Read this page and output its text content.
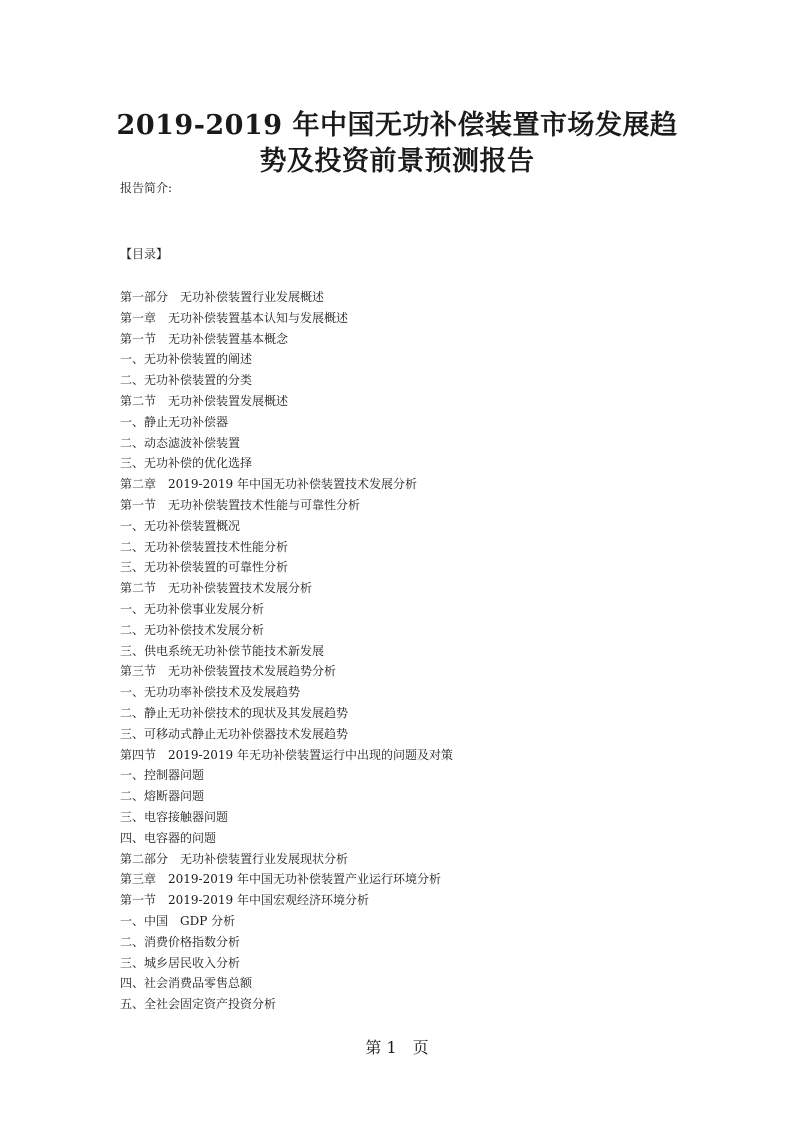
2019-2019 年中国无功补偿装置市场发展趋
势及投资前景预测报告
报告简介:
【目录】
第一部分　无功补偿装置行业发展概述
第一章　无功补偿装置基本认知与发展概述
第一节　无功补偿装置基本概念
一、无功补偿装置的阐述
二、无功补偿装置的分类
第二节　无功补偿装置发展概述
一、静止无功补偿器
二、动态滤波补偿装置
三、无功补偿的优化选择
第二章　2019-2019 年中国无功补偿装置技术发展分析
第一节　无功补偿装置技术性能与可靠性分析
一、无功补偿装置概况
二、无功补偿装置技术性能分析
三、无功补偿装置的可靠性分析
第二节　无功补偿装置技术发展分析
一、无功补偿事业发展分析
二、无功补偿技术发展分析
三、供电系统无功补偿节能技术新发展
第三节　无功补偿装置技术发展趋势分析
一、无功功率补偿技术及发展趋势
二、静止无功补偿技术的现状及其发展趋势
三、可移动式静止无功补偿器技术发展趋势
第四节　2019-2019 年无功补偿装置运行中出现的问题及对策
一、控制器问题
二、熔断器问题
三、电容接触器问题
四、电容器的问题
第二部分　无功补偿装置行业发展现状分析
第三章　2019-2019 年中国无功补偿装置产业运行环境分析
第一节　2019-2019 年中国宏观经济环境分析
一、中国　GDP 分析
二、消费价格指数分析
三、城乡居民收入分析
四、社会消费品零售总额
五、全社会固定资产投资分析
第 1　页
